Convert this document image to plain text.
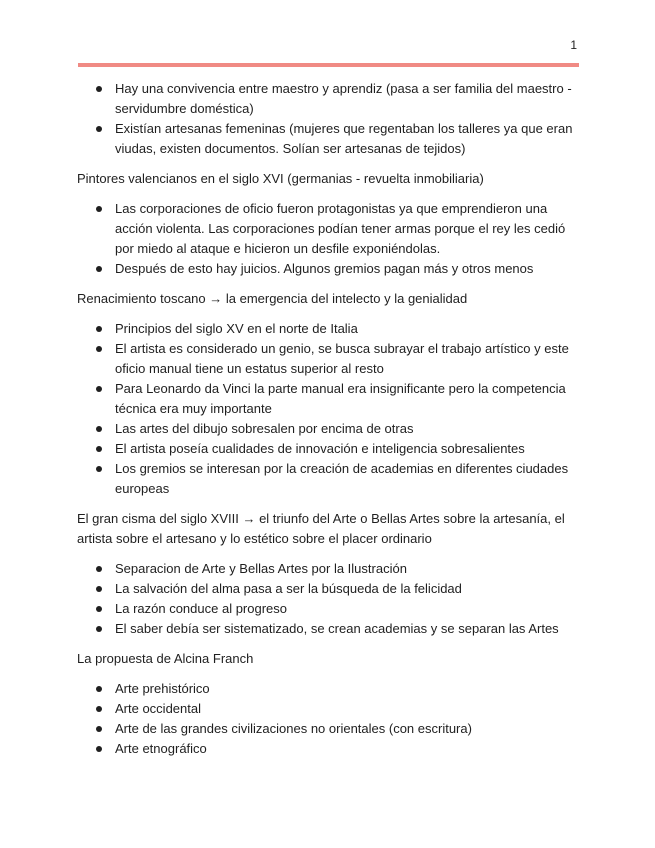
1
Hay una convivencia entre maestro y aprendiz (pasa a ser familia del maestro - servidumbre doméstica)
Existían artesanas femeninas (mujeres que regentaban los talleres ya que eran viudas, existen documentos. Solían ser artesanas de tejidos)

Pintores valencianos en el siglo XVI (germanias - revuelta inmobiliaria)

Las corporaciones de oficio fueron protagonistas ya que emprendieron una acción violenta. Las corporaciones podían tener armas porque el rey les cedió por miedo al ataque e hicieron un desfile exponiéndolas.
Después de esto hay juicios. Algunos gremios pagan más y otros menos

Renacimiento toscano → la emergencia del intelecto y la genialidad

Principios del siglo XV en el norte de Italia
El artista es considerado un genio, se busca subrayar el trabajo artístico y este oficio manual tiene un estatus superior al resto
Para Leonardo da Vinci la parte manual era insignificante pero la competencia técnica era muy importante
Las artes del dibujo sobresalen por encima de otras
El artista poseía cualidades de innovación e inteligencia sobresalientes
Los gremios se interesan por la creación de academias en diferentes ciudades europeas

El gran cisma del siglo XVIII → el triunfo del Arte o Bellas Artes sobre la artesanía, el artista sobre el artesano y lo estético sobre el placer ordinario

Separacion de Arte y Bellas Artes por la Ilustración
La salvación del alma pasa a ser la búsqueda de la felicidad
La razón conduce al progreso
El saber debía ser sistematizado, se crean academias y se separan las Artes

La propuesta de Alcina Franch

Arte prehistórico
Arte occidental
Arte de las grandes civilizaciones no orientales (con escritura)
Arte etnográfico
